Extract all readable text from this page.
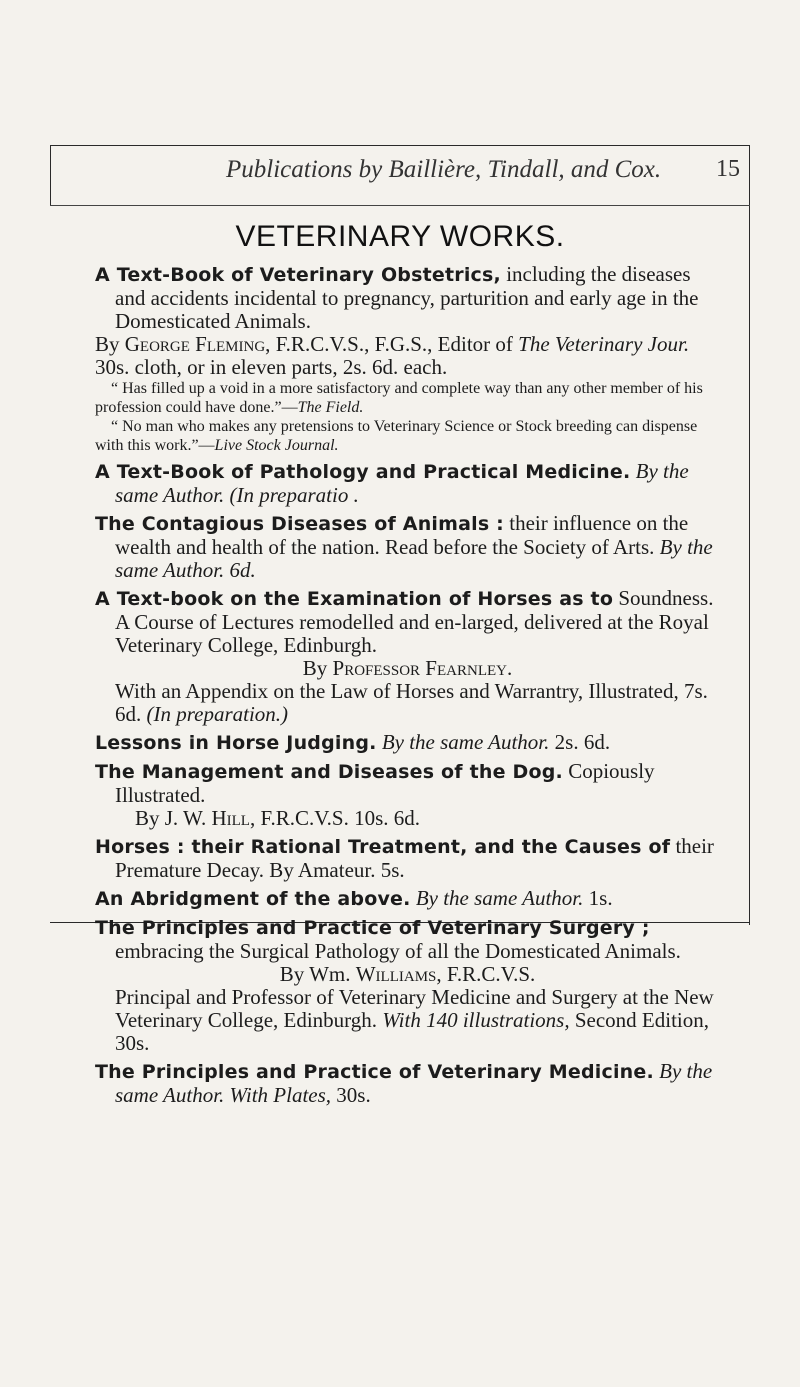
Publications by Baillière, Tindall, and Cox. 15
VETERINARY WORKS.

A Text-Book of Veterinary Obstetrics, including the diseases and accidents incidental to pregnancy, parturition and early age in the Domesticated Animals.

By George Fleming, F.R.C.V.S., F.G.S., Editor of The Veterinary Jour. 30s. cloth, or in eleven parts, 2s. 6d. each.

“ Has filled up a void in a more satisfactory and complete way than any other member of his profession could have done.”—The Field.

“ No man who makes any pretensions to Veterinary Science or Stock breeding can dispense with this work.”—Live Stock Journal.

A Text-Book of Pathology and Practical Medicine. By the same Author. (In preparatio .

The Contagious Diseases of Animals : their influence on the wealth and health of the nation. Read before the Society of Arts. By the same Author. 6d.

A Text-book on the Examination of Horses as to Soundness. A Course of Lectures remodelled and en-larged, delivered at the Royal Veterinary College, Edinburgh.

By Professor Fearnley.

With an Appendix on the Law of Horses and Warrantry, Illustrated, 7s. 6d. (In preparation.)

Lessons in Horse Judging. By the same Author. 2s. 6d.

The Management and Diseases of the Dog. Copiously Illustrated.

By J. W. Hill, F.R.C.V.S. 10s. 6d.

Horses : their Rational Treatment, and the Causes of their Premature Decay. By Amateur. 5s.

An Abridgment of the above. By the same Author. 1s.

The Principles and Practice of Veterinary Surgery ; embracing the Surgical Pathology of all the Domesticated Animals.

By Wm. Williams, F.R.C.V.S.

Principal and Professor of Veterinary Medicine and Surgery at the New Veterinary College, Edinburgh. With 140 illustrations, Second Edition, 30s.

The Principles and Practice of Veterinary Medicine. By the same Author. With Plates, 30s.
